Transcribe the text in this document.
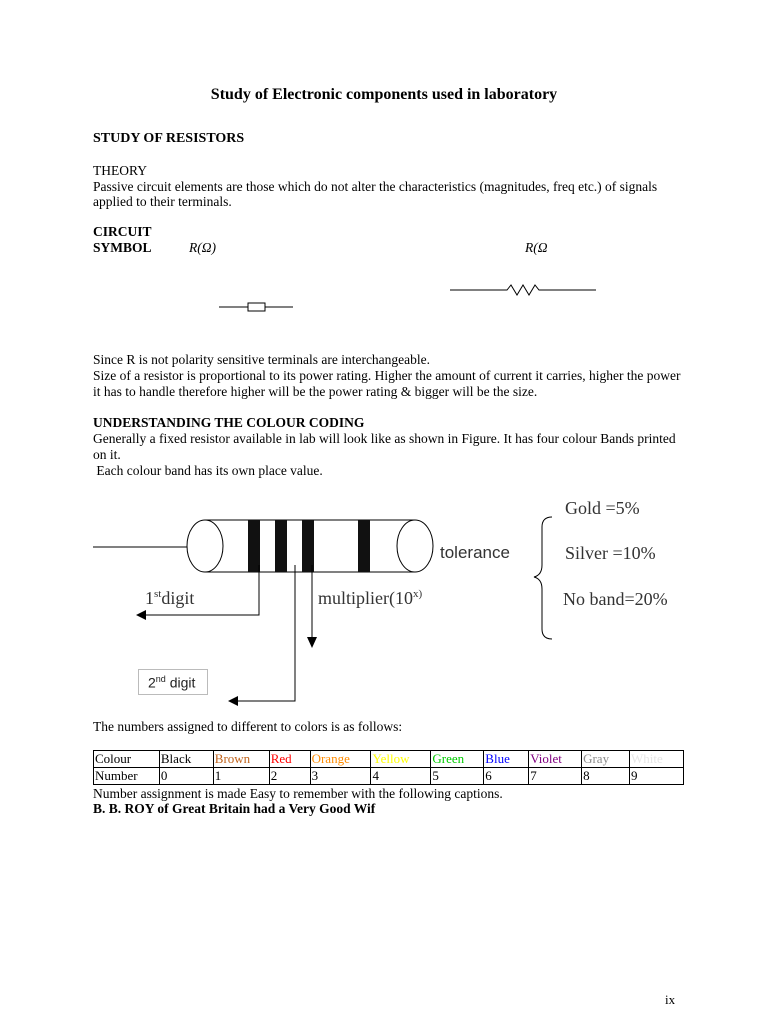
Study of Electronic components used in laboratory
STUDY OF RESISTORS
THEORY
Passive circuit elements are those which do not alter the characteristics (magnitudes, freq etc.) of signals applied to their terminals.
CIRCUIT
SYMBOL	R(Ω)	R(Ω
Since R is not polarity sensitive terminals are interchangeable.
Size of a resistor is proportional to its power rating. Higher the amount of current it carries, higher the power it has to handle therefore higher will be the power rating & bigger will be the size.
UNDERSTANDING THE COLOUR CODING
Generally a fixed resistor available in lab will look like as shown in Figure. It has four colour Bands printed on it.
Each colour band has its own place value.
tolerance
Gold =5%
Silver =10%
No band=20%
1stdigit	multiplier(10$^{x)}$
2nd digit
The numbers assigned to different to colors is as follows:
Colour	Black	Brown	Red	Orange	Yellow	Green	Blue	Violet	Gray	White
Number	0	1	2	3	4	5	6	7	8	9
Number assignment is made Easy to remember with the following captions.
B. B. ROY of Great Britain had a Very Good Wif
ix
